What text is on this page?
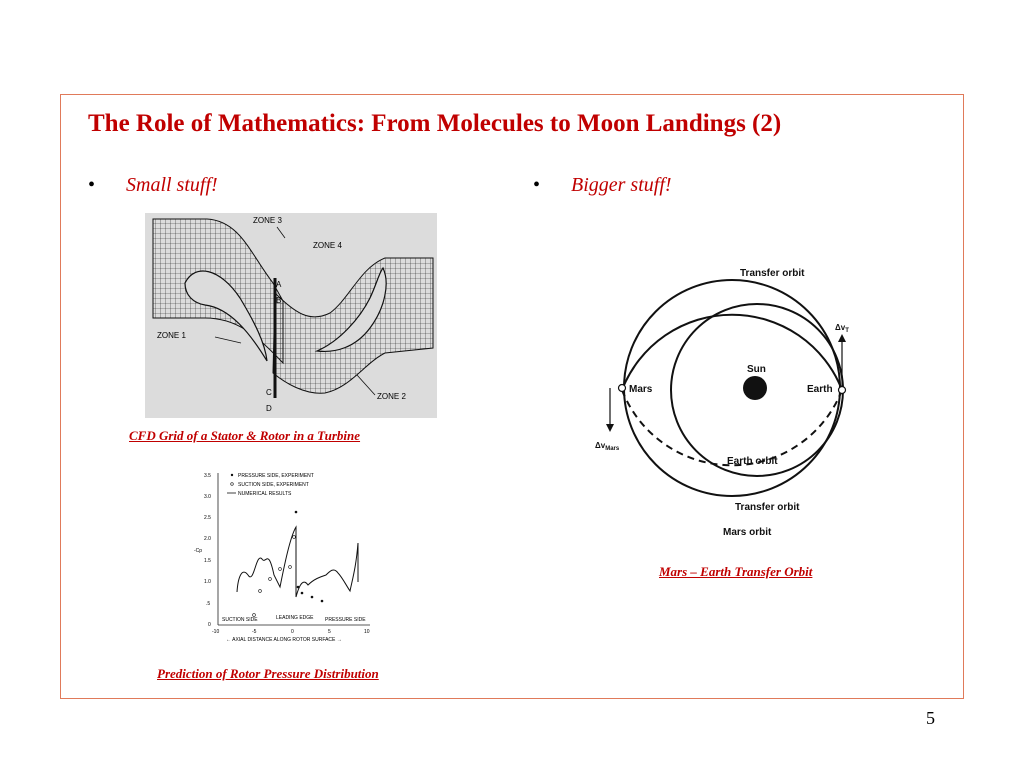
The Role of Mathematics: From Molecules to Moon Landings (2)
• Small stuff!	• Bigger stuff!
ZONE 3
ZONE 4
ZONE 1
ZONE 2
A
B
C
D
CFD Grid of a Stator & Rotor in a Turbine
3.5
3.0
2.5
2.0
1.5
1.0
.5
0
-Cp
-10	-5	0	5	10
← AXIAL DISTANCE ALONG ROTOR SURFACE →
PRESSURE SIDE, EXPERIMENT
SUCTION SIDE, EXPERIMENT
NUMERICAL RESULTS
SUCTION SIDE	LEADING EDGE PRESSURE SIDE
Prediction of Rotor Pressure Distribution
Transfer orbit
Sun
Mars	Earth
Earth orbit
Transfer orbit
Mars orbit
$\Delta v_T$
$\Delta v_{Mars}$
Mars – Earth Transfer Orbit
5
